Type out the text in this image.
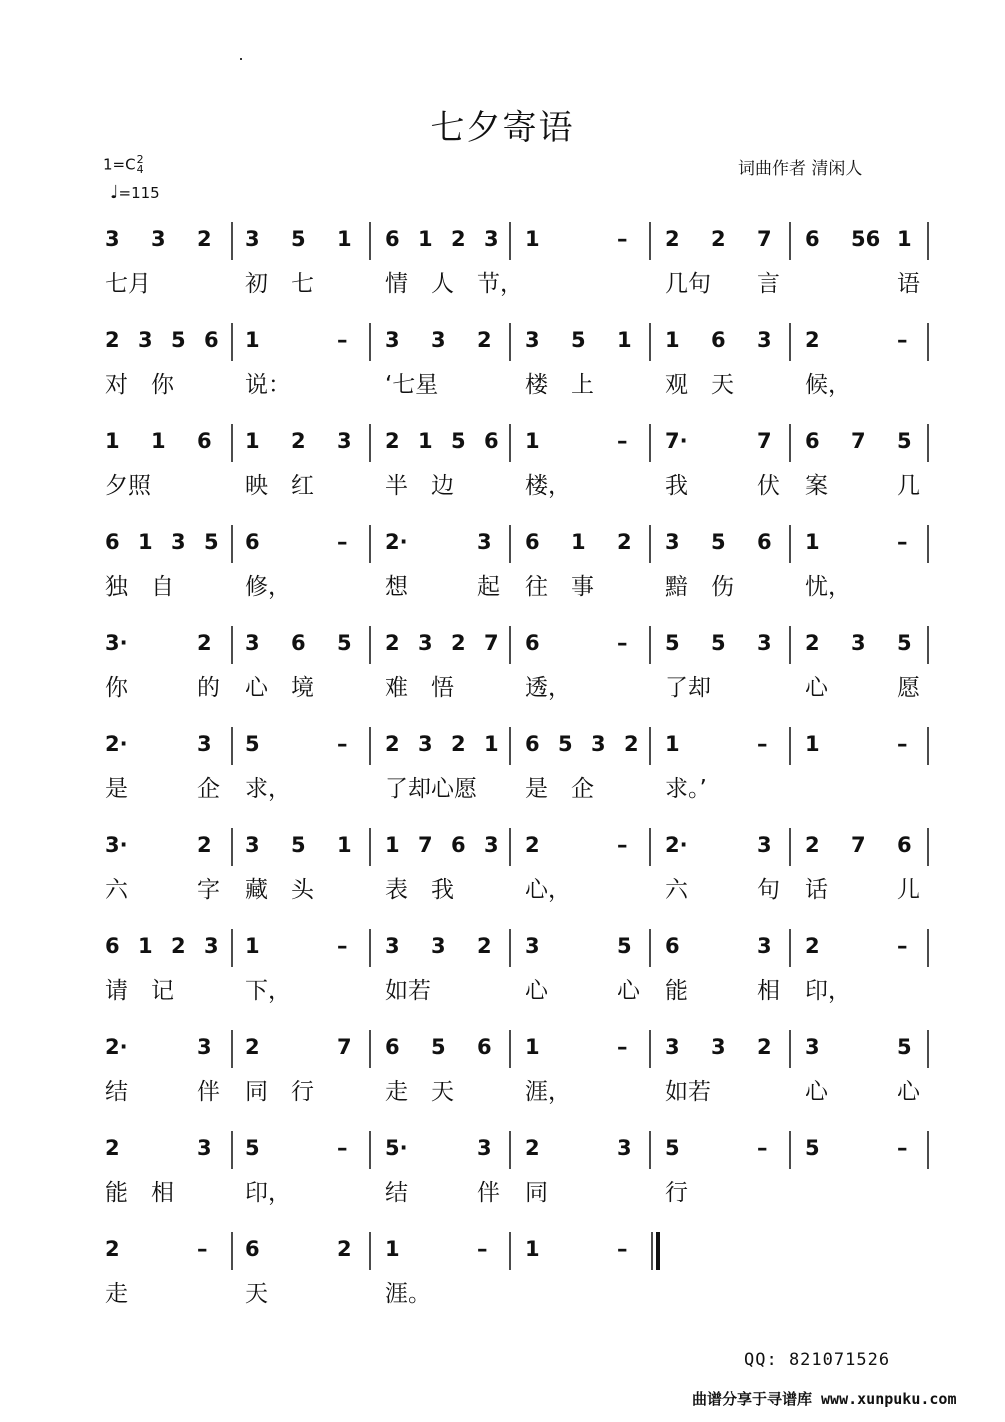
七夕寄语
1=C2
4
♩=115
词曲作者 清闲人
3 3 2 3 5 1 6 1 2 3 1	– 2 2 7 6 56 1
七月	初 七	情 人 节，	几句 言	语
2 3 5 6 1	– 3 3 2 3 5 1 1 6 3 2	–
对 你	说：	‘七星	楼 上	观 天	候，
1 1 6 1 2 3 2 1 5 6 1	– 7·	7 6 7 5
夕照	映 红	半 边	楼，	我	伏 案	几
6 1 3 5 6	– 2·	3 6 1 2 3 5 6 1	–
独 自	修，	想	起 往 事	黯 伤	忧，
3·	2 3 6 5 2 3 2 7 6	– 5 5 3 2 3 5
你	的 心 境	难 悟	透，	了却	心	愿
2·	3 5	– 2 3 2 1 6 5 3 2 1	– 1	–
是	企 求，	了却心愿 是 企	求。’
3·	2 3 5 1 1 7 6 3 2	– 2·	3 2 7 6
六	字 藏 头	表 我	心，	六	句 话	儿
6 1 2 3 1	– 3 3 2 3	5 6	3 2	–
请 记	下，	如若	心	心 能	相 印，
2·	3 2	7 6 5 6 1	– 3 3 2 3	5
结	伴 同 行	走 天	涯，	如若	心	心
2	3 5	– 5·	3 2	3 5	– 5	–
能 相	印，	结	伴 同	行
2	– 6	2 1	– 1	–
走	天	涯。
QQ: 821071526
曲谱分享于寻谱库 www.xunpuku.com
